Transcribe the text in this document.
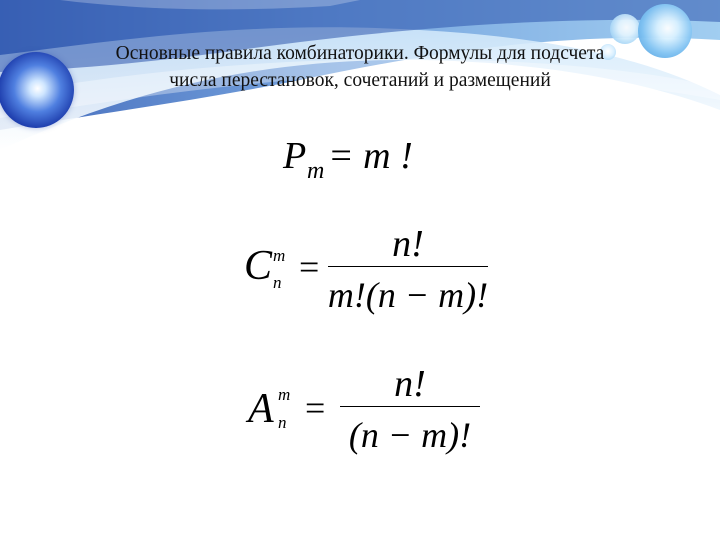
Основные правила комбинаторики. Формулы для подсчета
числа перестановок, сочетаний и размещений
P m = m !
C m
n =
n!
m!(n − m)!
A m
n =
n!
(n − m)!
